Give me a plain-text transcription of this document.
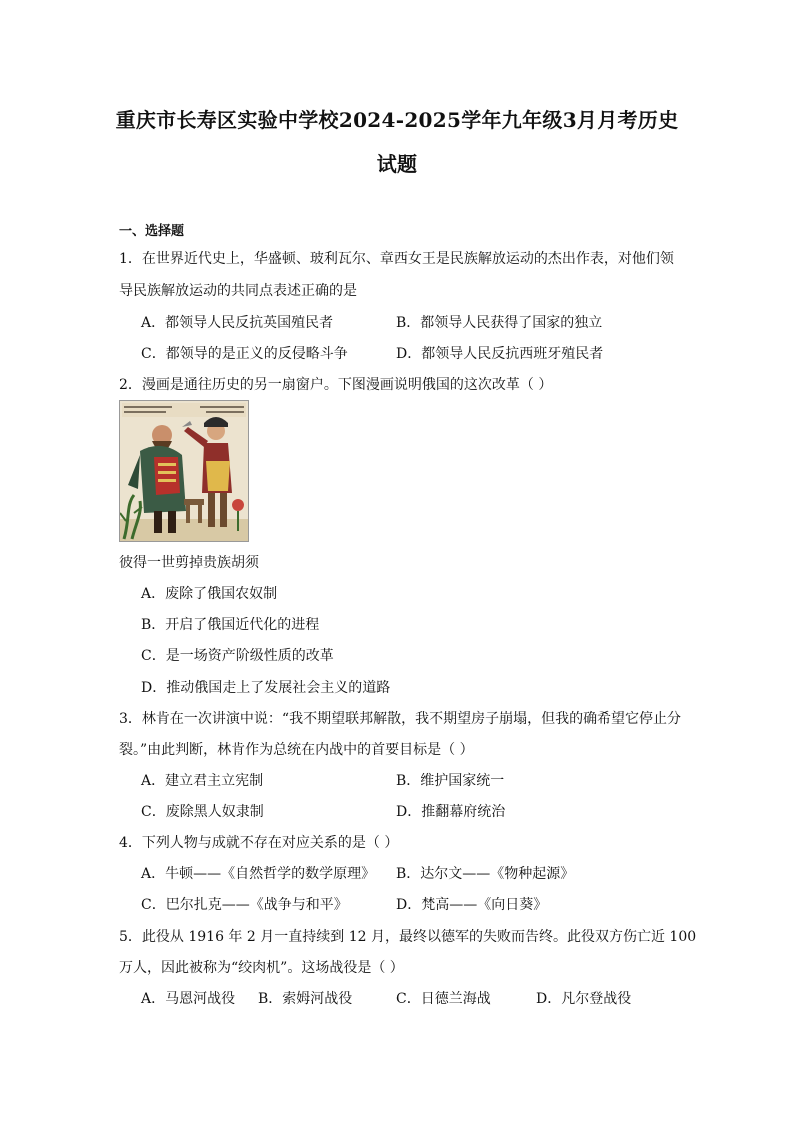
重庆市长寿区实验中学校2024-2025学年九年级3月月考历史
试题
一、选择题
1．在世界近代史上，华盛顿、玻利瓦尔、章西女王是民族解放运动的杰出作表，对他们领
导民族解放运动的共同点表述正确的是
A．都领导人民反抗英国殖民者	B．都领导人民获得了国家的独立
C．都领导的是正义的反侵略斗争	D．都领导人民反抗西班牙殖民者
2．漫画是通往历史的另一扇窗户。下图漫画说明俄国的这次改革（ ）
彼得一世剪掉贵族胡须
A．废除了俄国农奴制
B．开启了俄国近代化的进程
C．是一场资产阶级性质的改革
D．推动俄国走上了发展社会主义的道路
3．林肯在一次讲演中说：“我不期望联邦解散，我不期望房子崩塌，但我的确希望它停止分
裂。”由此判断，林肯作为总统在内战中的首要目标是（ ）
A．建立君主立宪制	B．维护国家统一
C．废除黑人奴隶制	D．推翻幕府统治
4．下列人物与成就不存在对应关系的是（ ）
A．牛顿——《自然哲学的数学原理》 B．达尔文——《物种起源》
C．巴尔扎克——《战争与和平》	D．梵高——《向日葵》
5．此役从 1916 年 2 月一直持续到 12 月，最终以德军的失败而告终。此役双方伤亡近 100
万人，因此被称为“绞肉机”。这场战役是（ ）
A．马恩河战役 B．索姆河战役	C．日德兰海战	D．凡尔登战役
